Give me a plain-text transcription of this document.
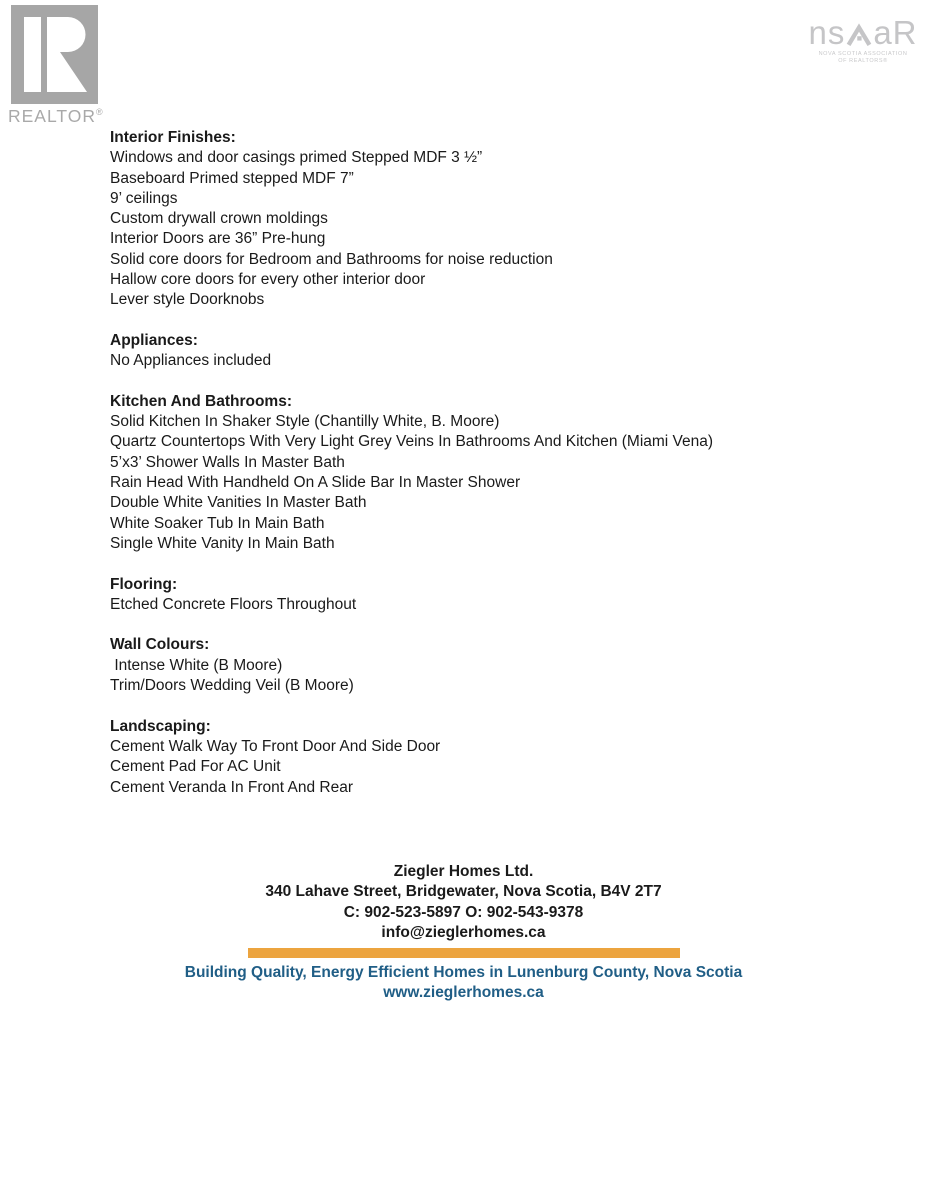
REALTOR®
ns aR
NOVA SCOTIA ASSOCIATION
OF REALTORS®
Interior Finishes:
Windows and door casings primed Stepped MDF 3 ½”
Baseboard Primed stepped MDF 7”
9’ ceilings
Custom drywall crown moldings
Interior Doors are 36” Pre-hung
Solid core doors for Bedroom and Bathrooms for noise reduction
Hallow core doors for every other interior door
Lever style Doorknobs
Appliances:
No Appliances included
Kitchen And Bathrooms:
Solid Kitchen In Shaker Style (Chantilly White, B. Moore)
Quartz Countertops With Very Light Grey Veins In Bathrooms And Kitchen (Miami Vena)
5’x3’ Shower Walls In Master Bath
Rain Head With Handheld On A Slide Bar In Master Shower
Double White Vanities In Master Bath
White Soaker Tub In Main Bath
Single White Vanity In Main Bath
Flooring:
Etched Concrete Floors Throughout
Wall Colours:
Intense White (B Moore)
Trim/Doors Wedding Veil (B Moore)
Landscaping:
Cement Walk Way To Front Door And Side Door
Cement Pad For AC Unit
Cement Veranda In Front And Rear
Ziegler Homes Ltd.
340 Lahave Street, Bridgewater, Nova Scotia, B4V 2T7
C: 902-523-5897 O: 902-543-9378
info@zieglerhomes.ca
Building Quality, Energy Efficient Homes in Lunenburg County, Nova Scotia
www.zieglerhomes.ca
